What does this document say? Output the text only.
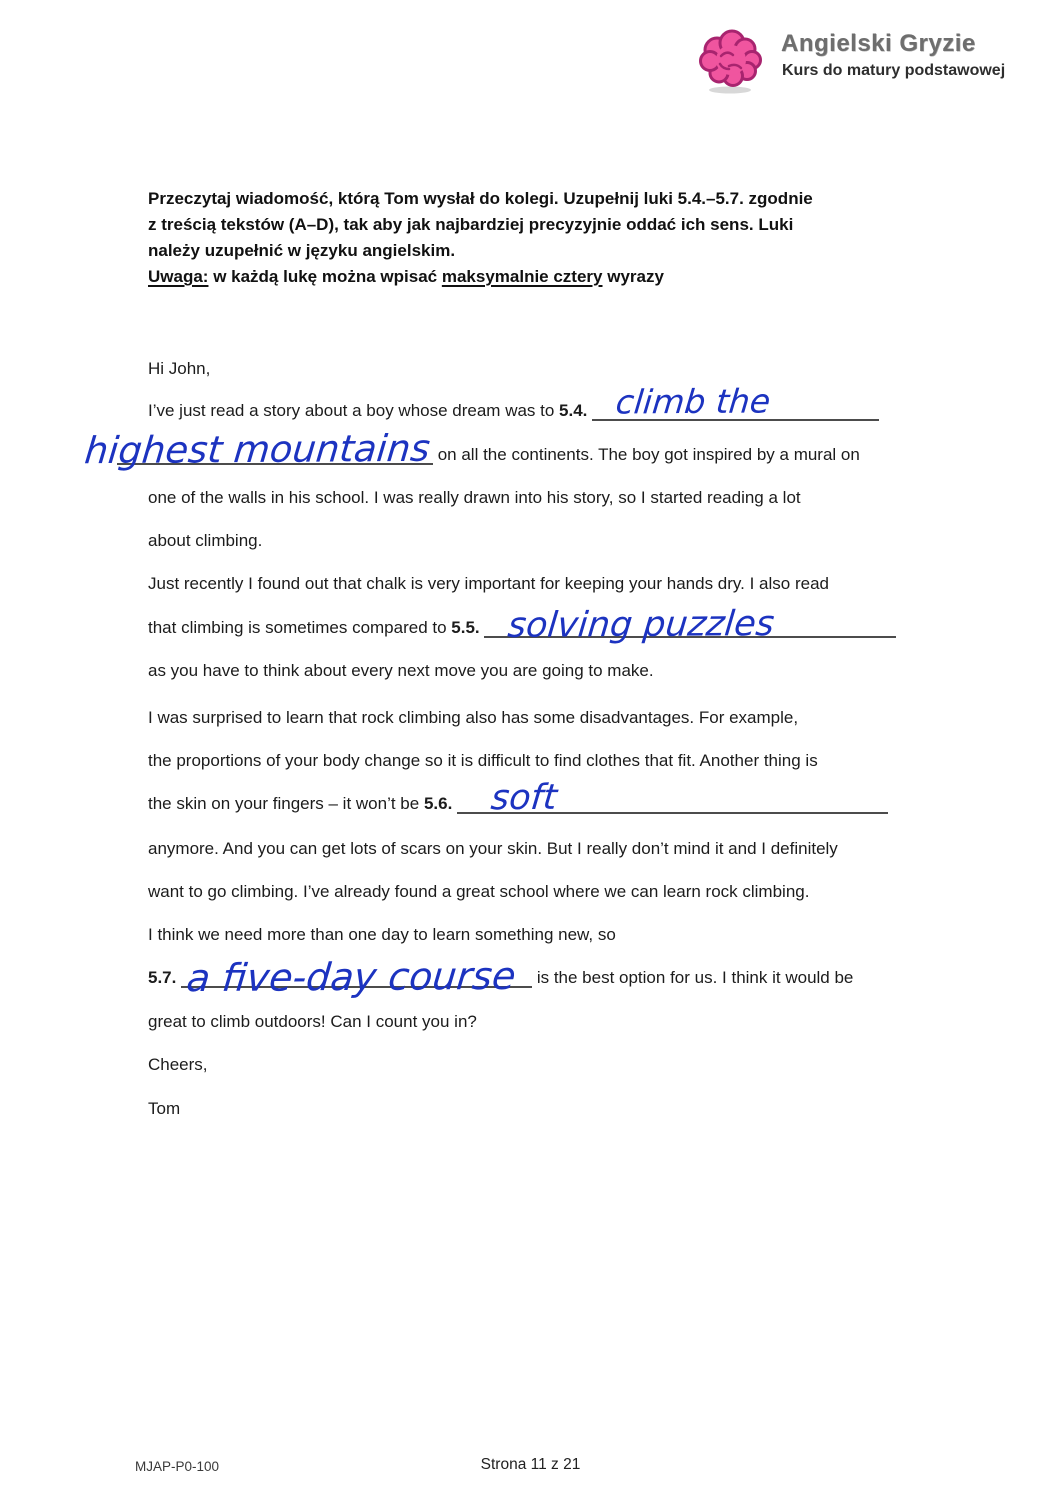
Angielski Gryzie
Kurs do matury podstawowej
Przeczytaj wiadomość, którą Tom wysłał do kolegi. Uzupełnij luki 5.4.–5.7. zgodnie
z treścią tekstów (A–D), tak aby jak najbardziej precyzyjnie oddać ich sens. Luki
należy uzupełnić w języku angielskim.
Uwaga: w każdą lukę można wpisać maksymalnie cztery wyrazy
Hi John,
I’ve just read a story about a boy whose dream was to 5.4. climb the
highest mountains on all the continents. The boy got inspired by a mural on
one of the walls in his school. I was really drawn into his story, so I started reading a lot
about climbing.
Just recently I found out that chalk is very important for keeping your hands dry. I also read
that climbing is sometimes compared to 5.5. solving puzzles
as you have to think about every next move you are going to make.
I was surprised to learn that rock climbing also has some disadvantages. For example,
the proportions of your body change so it is difficult to find clothes that fit. Another thing is
the skin on your fingers – it won’t be 5.6. soft
anymore. And you can get lots of scars on your skin. But I really don’t mind it and I definitely
want to go climbing. I’ve already found a great school where we can learn rock climbing.
I think we need more than one day to learn something new, so
5.7. a five-day course is the best option for us. I think it would be
great to climb outdoors! Can I count you in?
Cheers,
Tom
MJAP-P0-100	Strona 11 z 21
